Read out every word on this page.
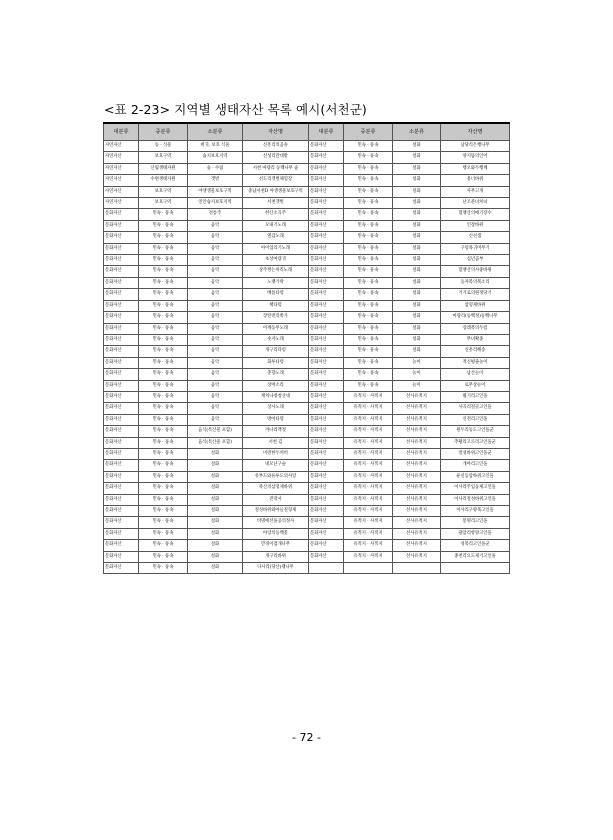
<표 2-23> 지역별 생태자산 목록 예시(서천군)
대분류	중분류	소분류	자산명	대분류	중분류	소분류	자산명
자연자산	동 · 식물	희귀, 보호 식물	신흥리의곰솔	문화자산	민속 · 풍속	설화	남당리은행나무
자연자산	보호구역	습지보호지역	신성리갈대밭	문화자산	민속 · 풍속	설화	양지뜸의인어
자연자산	산림생태자원	숲 · 수림	서천 마량리 동백나무 숲	문화자산	민속 · 풍속	설화	행오와두행께
자연자산	수변생태자원	갯벌	선도리갯벌체험장	문화자산	민속 · 풍속	설화	용너바위
자연자산	보호구역	야생생물보호구역	충남서천D 야생생물보호구역	문화자산	민속 · 풍속	설화	사무고개
자연자산	보호구역	연안습지보호지역	서천갯벌	문화자산	민속 · 풍속	설화	난조분녀처녀
문화자산	민속 · 풍속	전통주	한산소곡주	문화자산	민속 · 풍속	설화	혈맹산의메기장수
문화자산	민속 · 풍속	음악	모내기노래	문화자산	민속 · 풍속	설화	인장바위
문화자산	민속 · 풍속	음악	열갑노래	문화자산	민속 · 풍속	설화	신선샘
문화자산	민속 · 풍속	음악	아이업리기노래	문화자산	민속 · 풍속	설화	구렁목귀머무기
문화자산	민속 · 풍속	음악	초상여량귀	문화자산	민속 · 풍속	설화	심년곰부
문화자산	민속 · 풍속	음악	상주쌍는차리노래	문화자산	민속 · 풍속	설화	혈맹산의사중바위
문화자산	민속 · 풍속	음악	노랫가락	문화자산	민속 · 풍속	설화	동자복의북소리
문화자산	민속 · 풍속	음악	베틀타령	문화자산	민속 · 풍속	설화	거기로의원정당기
문화자산	민속 · 풍속	음악	책타령	문화자산	민속 · 풍속	설화	삼형제바위
문화자산	민속 · 풍속	음악	장탄전의쪽가	문화자산	민속 · 풍속	설화	마량리(동백정)동백나무
문화자산	민속 · 풍속	음악	어깨동무노래	문화자산	민속 · 풍속	설화	장레복의두렴
문화자산	민속 · 풍속	음악	숫자노래	문화자산	민속 · 풍속	설화	무녀확종
문화자산	민속 · 풍속	음악	개구리타령	문화자산	민속 · 풍속	설화	신흥리해송
문화자산	민속 · 풍속	음악	화투타령	문화자산	민속 · 풍속	놀이	적신평줄놀이
문화자산	민속 · 풍속	음악	춘향노래	문화자산	민속 · 풍속	놀이	남산놀이
문화자산	민속 · 풍속	음악	상여소리	문화자산	민속 · 풍속	놀이	로무상놀이
문화자산	민속 · 풍속	음악	재치나청청산네	문화자산	유적지 · 사적지	선사유적지	월기리고인돌
문화자산	민속 · 풍속	음악	상사노래	문화자산	유적지 · 사적지	선사유적지	사곡리절골고인돌
문화자산	민속 · 풍속	음악	방아타령	문화자산	유적지 · 사적지	선사유적지	신전리고인돌
문화자산	민속 · 풍속	음식(특산물 포함)	까나리액젓	문화자산	유적지 · 사적지	선사유적지	원두리동도고인돌군
문화자산	민속 · 풍속	음식(특산물 포함)	서천 김	문화자산	유적지 · 사적지	선사유적지	추황리고르리고인돌군
문화자산	민속 · 풍속	설화	미련한두꺼비	문화자산	유적지 · 사적지	선사유적지	절성바위고인돌군
문화자산	민속 · 풍속	설화	네모난구슬	문화자산	유적지 · 사적지	선사유적지	개야리고인돌
문화자산	민속 · 풍속	설화	유부도와류투도의사랑	문화자산	유적지 · 사적지	선사유적지	운신동암바위고인돌
문화자산	민속 · 풍속	설화	죽산의삼형제바위	문화자산	유적지 · 사적지	선사유적지	이사리주입동제고인돌
문화자산	민속 · 풍속	설화	전망사	문화자산	유적지 · 사적지	선사유적지	이사리절성바위고인돌
문화자산	민속 · 풍속	설화	절성바위와아들칠형제	문화자산	유적지 · 사적지	선사유적지	이사리구양목고인돌
문화자산	민속 · 풍속	설화	비명에선돌공의정사	문화자산	유적지 · 사적지	선사유적지	봉명리고인돌
문화자산	민속 · 풍속	설화	아랑의동백꽃	문화자산	유적지 · 사적지	선사유적지	광암리항양고인돌
문화자산	민속 · 풍속	설화	만경이겹개나무	문화자산	유적지 · 사적지	선사유적지	성복리고인돌군
문화자산	민속 · 풍속	설화	개구리바위	문화자산	유적지 · 사적지	선사유적지	종천리요도제기고인돌
문화자산	민속 · 풍속	설화	다사리(당산)괭나무				
- 72 -
